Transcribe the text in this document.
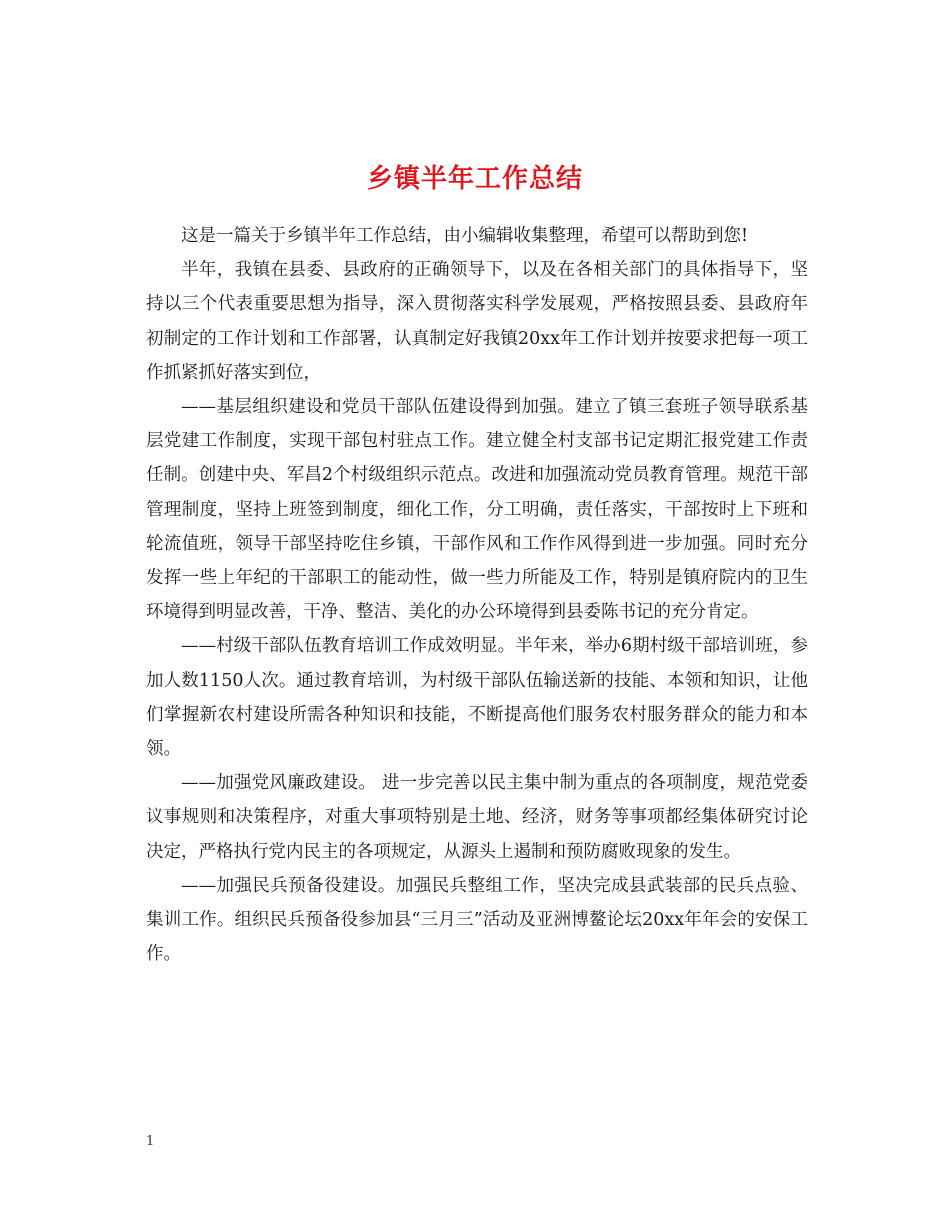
乡镇半年工作总结

这是一篇关于乡镇半年工作总结，由小编辑收集整理，希望可以帮助到您!

半年，我镇在县委、县政府的正确领导下，以及在各相关部门的具体指导下，坚持以三个代表重要思想为指导，深入贯彻落实科学发展观，严格按照县委、县政府年初制定的工作计划和工作部署，认真制定好我镇20xx年工作计划并按要求把每一项工作抓紧抓好落实到位，

——基层组织建设和党员干部队伍建设得到加强。建立了镇三套班子领导联系基层党建工作制度，实现干部包村驻点工作。建立健全村支部书记定期汇报党建工作责任制。创建中央、军昌2个村级组织示范点。改进和加强流动党员教育管理。规范干部管理制度，坚持上班签到制度，细化工作，分工明确，责任落实，干部按时上下班和轮流值班，领导干部坚持吃住乡镇，干部作风和工作作风得到进一步加强。同时充分发挥一些上年纪的干部职工的能动性，做一些力所能及工作，特别是镇府院内的卫生环境得到明显改善，干净、整洁、美化的办公环境得到县委陈书记的充分肯定。

——村级干部队伍教育培训工作成效明显。半年来，举办6期村级干部培训班，参加人数1150人次。通过教育培训，为村级干部队伍输送新的技能、本领和知识，让他们掌握新农村建设所需各种知识和技能，不断提高他们服务农村服务群众的能力和本领。

——加强党风廉政建设。 进一步完善以民主集中制为重点的各项制度，规范党委议事规则和决策程序，对重大事项特别是土地、经济，财务等事项都经集体研究讨论决定，严格执行党内民主的各项规定，从源头上遏制和预防腐败现象的发生。

——加强民兵预备役建设。加强民兵整组工作，坚决完成县武装部的民兵点验、集训工作。组织民兵预备役参加县“三月三”活动及亚洲博鳌论坛20xx年年会的安保工作。

1
